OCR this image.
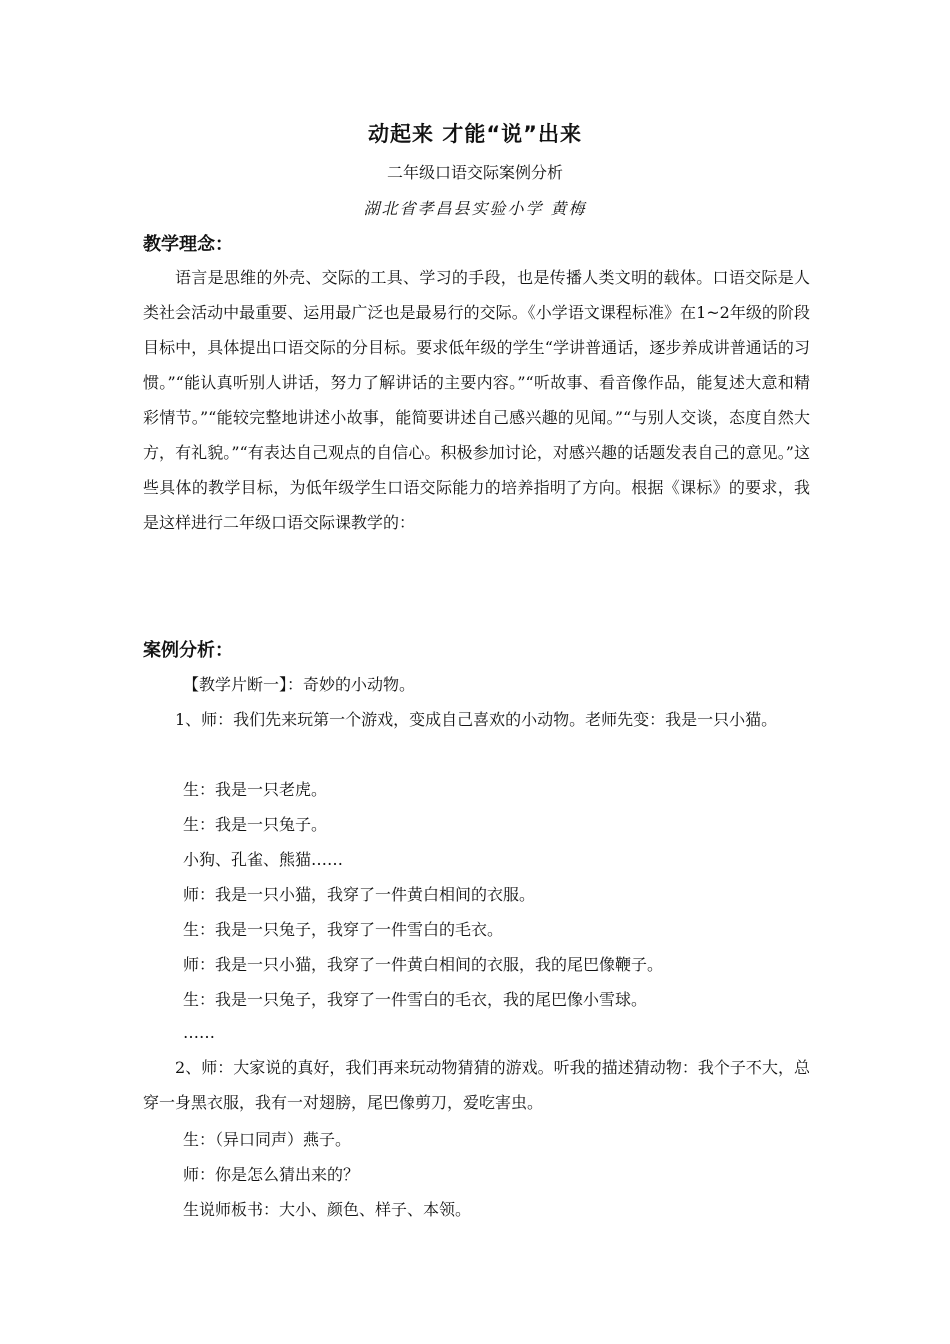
动起来 才能“说”出来
二年级口语交际案例分析
湖北省孝昌县实验小学 黄梅
教学理念：

语言是思维的外壳、交际的工具、学习的手段，也是传播人类文明的载体。口语交际是人类社会活动中最重要、运用最广泛也是最易行的交际。《小学语文课程标准》在1~2年级的阶段目标中，具体提出口语交际的分目标。要求低年级的学生“学讲普通话，逐步养成讲普通话的习惯。”“能认真听别人讲话，努力了解讲话的主要内容。”“听故事、看音像作品，能复述大意和精彩情节。”“能较完整地讲述小故事，能简要讲述自己感兴趣的见闻。”“与别人交谈，态度自然大方，有礼貌。”“有表达自己观点的自信心。积极参加讨论，对感兴趣的话题发表自己的意见。”这些具体的教学目标，为低年级学生口语交际能力的培养指明了方向。根据《课标》的要求，我是这样进行二年级口语交际课教学的：

案例分析：

【教学片断一】：奇妙的小动物。

1、师：我们先来玩第一个游戏，变成自己喜欢的小动物。老师先变：我是一只小猫。

生：我是一只老虎。

生：我是一只兔子。

小狗、孔雀、熊猫……

师：我是一只小猫，我穿了一件黄白相间的衣服。

生：我是一只兔子，我穿了一件雪白的毛衣。

师：我是一只小猫，我穿了一件黄白相间的衣服，我的尾巴像鞭子。

生：我是一只兔子，我穿了一件雪白的毛衣，我的尾巴像小雪球。

……

2、师：大家说的真好，我们再来玩动物猜猜的游戏。听我的描述猜动物：我个子不大，总穿一身黑衣服，我有一对翅膀，尾巴像剪刀，爱吃害虫。

生：（异口同声）燕子。

师：你是怎么猜出来的？

生说师板书：大小、颜色、样子、本领。
